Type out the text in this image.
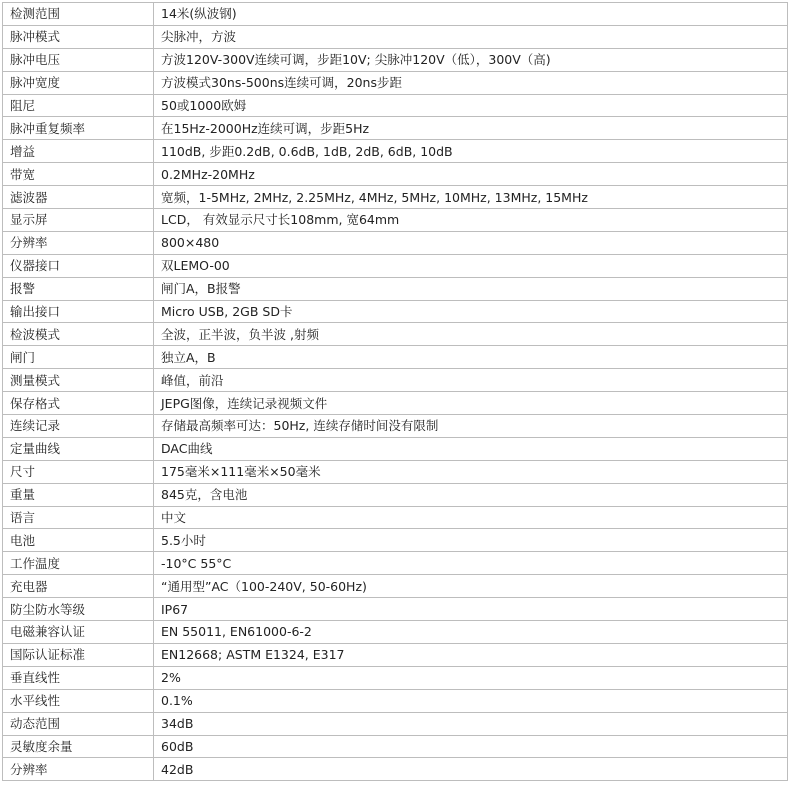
检测范围	14米(纵波钢)
脉冲模式	尖脉冲，方波
脉冲电压	方波120V-300V连续可调，步距10V; 尖脉冲120V（低），300V（高)
脉冲宽度	方波模式30ns-500ns连续可调，20ns步距
阻尼	50或1000欧姆
脉冲重复频率	在15Hz-2000Hz连续可调，步距5Hz
增益	110dB, 步距0.2dB, 0.6dB, 1dB, 2dB, 6dB, 10dB
带宽	0.2MHz-20MHz
滤波器	宽频，1-5MHz, 2MHz, 2.25MHz, 4MHz, 5MHz, 10MHz, 13MHz, 15MHz
显示屏	LCD， 有效显示尺寸长108mm, 宽64mm
分辨率	800×480
仪器接口	双LEMO-00
报警	闸门A，B报警
输出接口	Micro USB, 2GB SD卡
检波模式	全波，正半波，负半波 ,射频
闸门	独立A，B
测量模式	峰值，前沿
保存格式	JEPG图像，连续记录视频文件
连续记录	存储最高频率可达：50Hz, 连续存储时间没有限制
定量曲线	DAC曲线
尺寸	175毫米×111毫米×50毫米
重量	845克，含电池
语言	中文
电池	5.5小时
工作温度	-10°C 55°C
充电器	“通用型”AC（100-240V, 50-60Hz)
防尘防水等级	IP67
电磁兼容认证	EN 55011, EN61000-6-2
国际认证标准	EN12668; ASTM E1324, E317
垂直线性	2%
水平线性	0.1%
动态范围	34dB
灵敏度余量	60dB
分辨率	42dB
